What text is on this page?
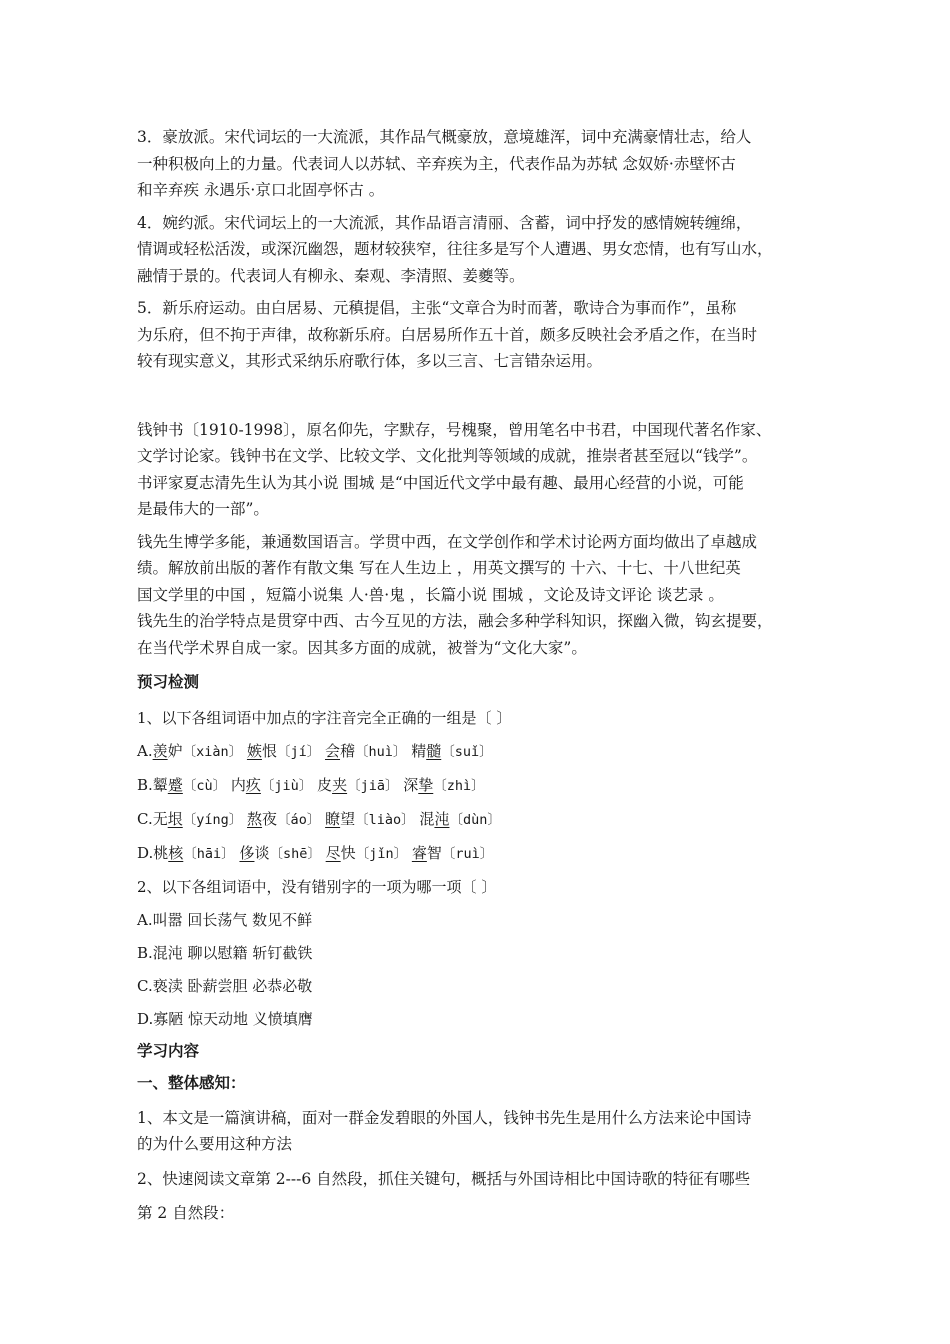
3．豪放派。宋代词坛的一大流派，其作品气概豪放，意境雄浑，词中充满豪情壮志，给人

一种积极向上的力量。代表词人以苏轼、辛弃疾为主，代表作品为苏轼 念奴娇·赤壁怀古

和辛弃疾 永遇乐·京口北固亭怀古 。

4．婉约派。宋代词坛上的一大流派，其作品语言清丽、含蓄，词中抒发的感情婉转缠绵，

情调或轻松活泼，或深沉幽怨，题材较狭窄，往往多是写个人遭遇、男女恋情，也有写山水，

融情于景的。代表词人有柳永、秦观、李清照、姜夔等。

5．新乐府运动。由白居易、元稹提倡，主张“文章合为时而著，歌诗合为事而作”，虽称

为乐府，但不拘于声律，故称新乐府。白居易所作五十首，颇多反映社会矛盾之作，在当时

较有现实意义，其形式采纳乐府歌行体，多以三言、七言错杂运用。

钱钟书〔1910-1998〕，原名仰先，字默存，号槐聚，曾用笔名中书君，中国现代著名作家、

文学讨论家。钱钟书在文学、比较文学、文化批判等领域的成就，推崇者甚至冠以“钱学”。

书评家夏志清先生认为其小说 围城 是“中国近代文学中最有趣、最用心经营的小说，可能

是最伟大的一部”。

钱先生博学多能，兼通数国语言。学贯中西，在文学创作和学术讨论两方面均做出了卓越成

绩。解放前出版的著作有散文集 写在人生边上 ，用英文撰写的 十六、十七、十八世纪英

国文学里的中国 ，短篇小说集 人·兽·鬼 ，长篇小说 围城 ，文论及诗文评论 谈艺录 。

钱先生的治学特点是贯穿中西、古今互见的方法，融会多种学科知识，探幽入微，钩玄提要，

在当代学术界自成一家。因其多方面的成就，被誉为“文化大家”。

预习检测

1、以下各组词语中加点的字注音完全正确的一组是〔 〕

A.羡妒〔xiàn〕 嫉恨〔jí〕 会稽〔huì〕 精髓〔suǐ〕

B.颦蹙〔cù〕 内疚〔jiù〕 皮夹〔jiā〕 深挚〔zhì〕

C.无垠〔yíng〕 熬夜〔áo〕 瞭望〔liào〕 混沌〔dùn〕

D.桃核〔hāi〕 侈谈〔shē〕 尽快〔jǐn〕 睿智〔ruì〕

2、以下各组词语中，没有错别字的一项为哪一项〔 〕

A.叫嚣 回长荡气 数见不鲜

B.混沌 聊以慰籍 斩钉截铁

C.亵渎 卧薪尝胆 必恭必敬

D.寡陋 惊天动地 义愤填膺

学习内容
一、整体感知：

1、本文是一篇演讲稿，面对一群金发碧眼的外国人，钱钟书先生是用什么方法来论中国诗

的为什么要用这种方法

2、快速阅读文章第 2---6 自然段，抓住关键句，概括与外国诗相比中国诗歌的特征有哪些

第 2 自然段：
